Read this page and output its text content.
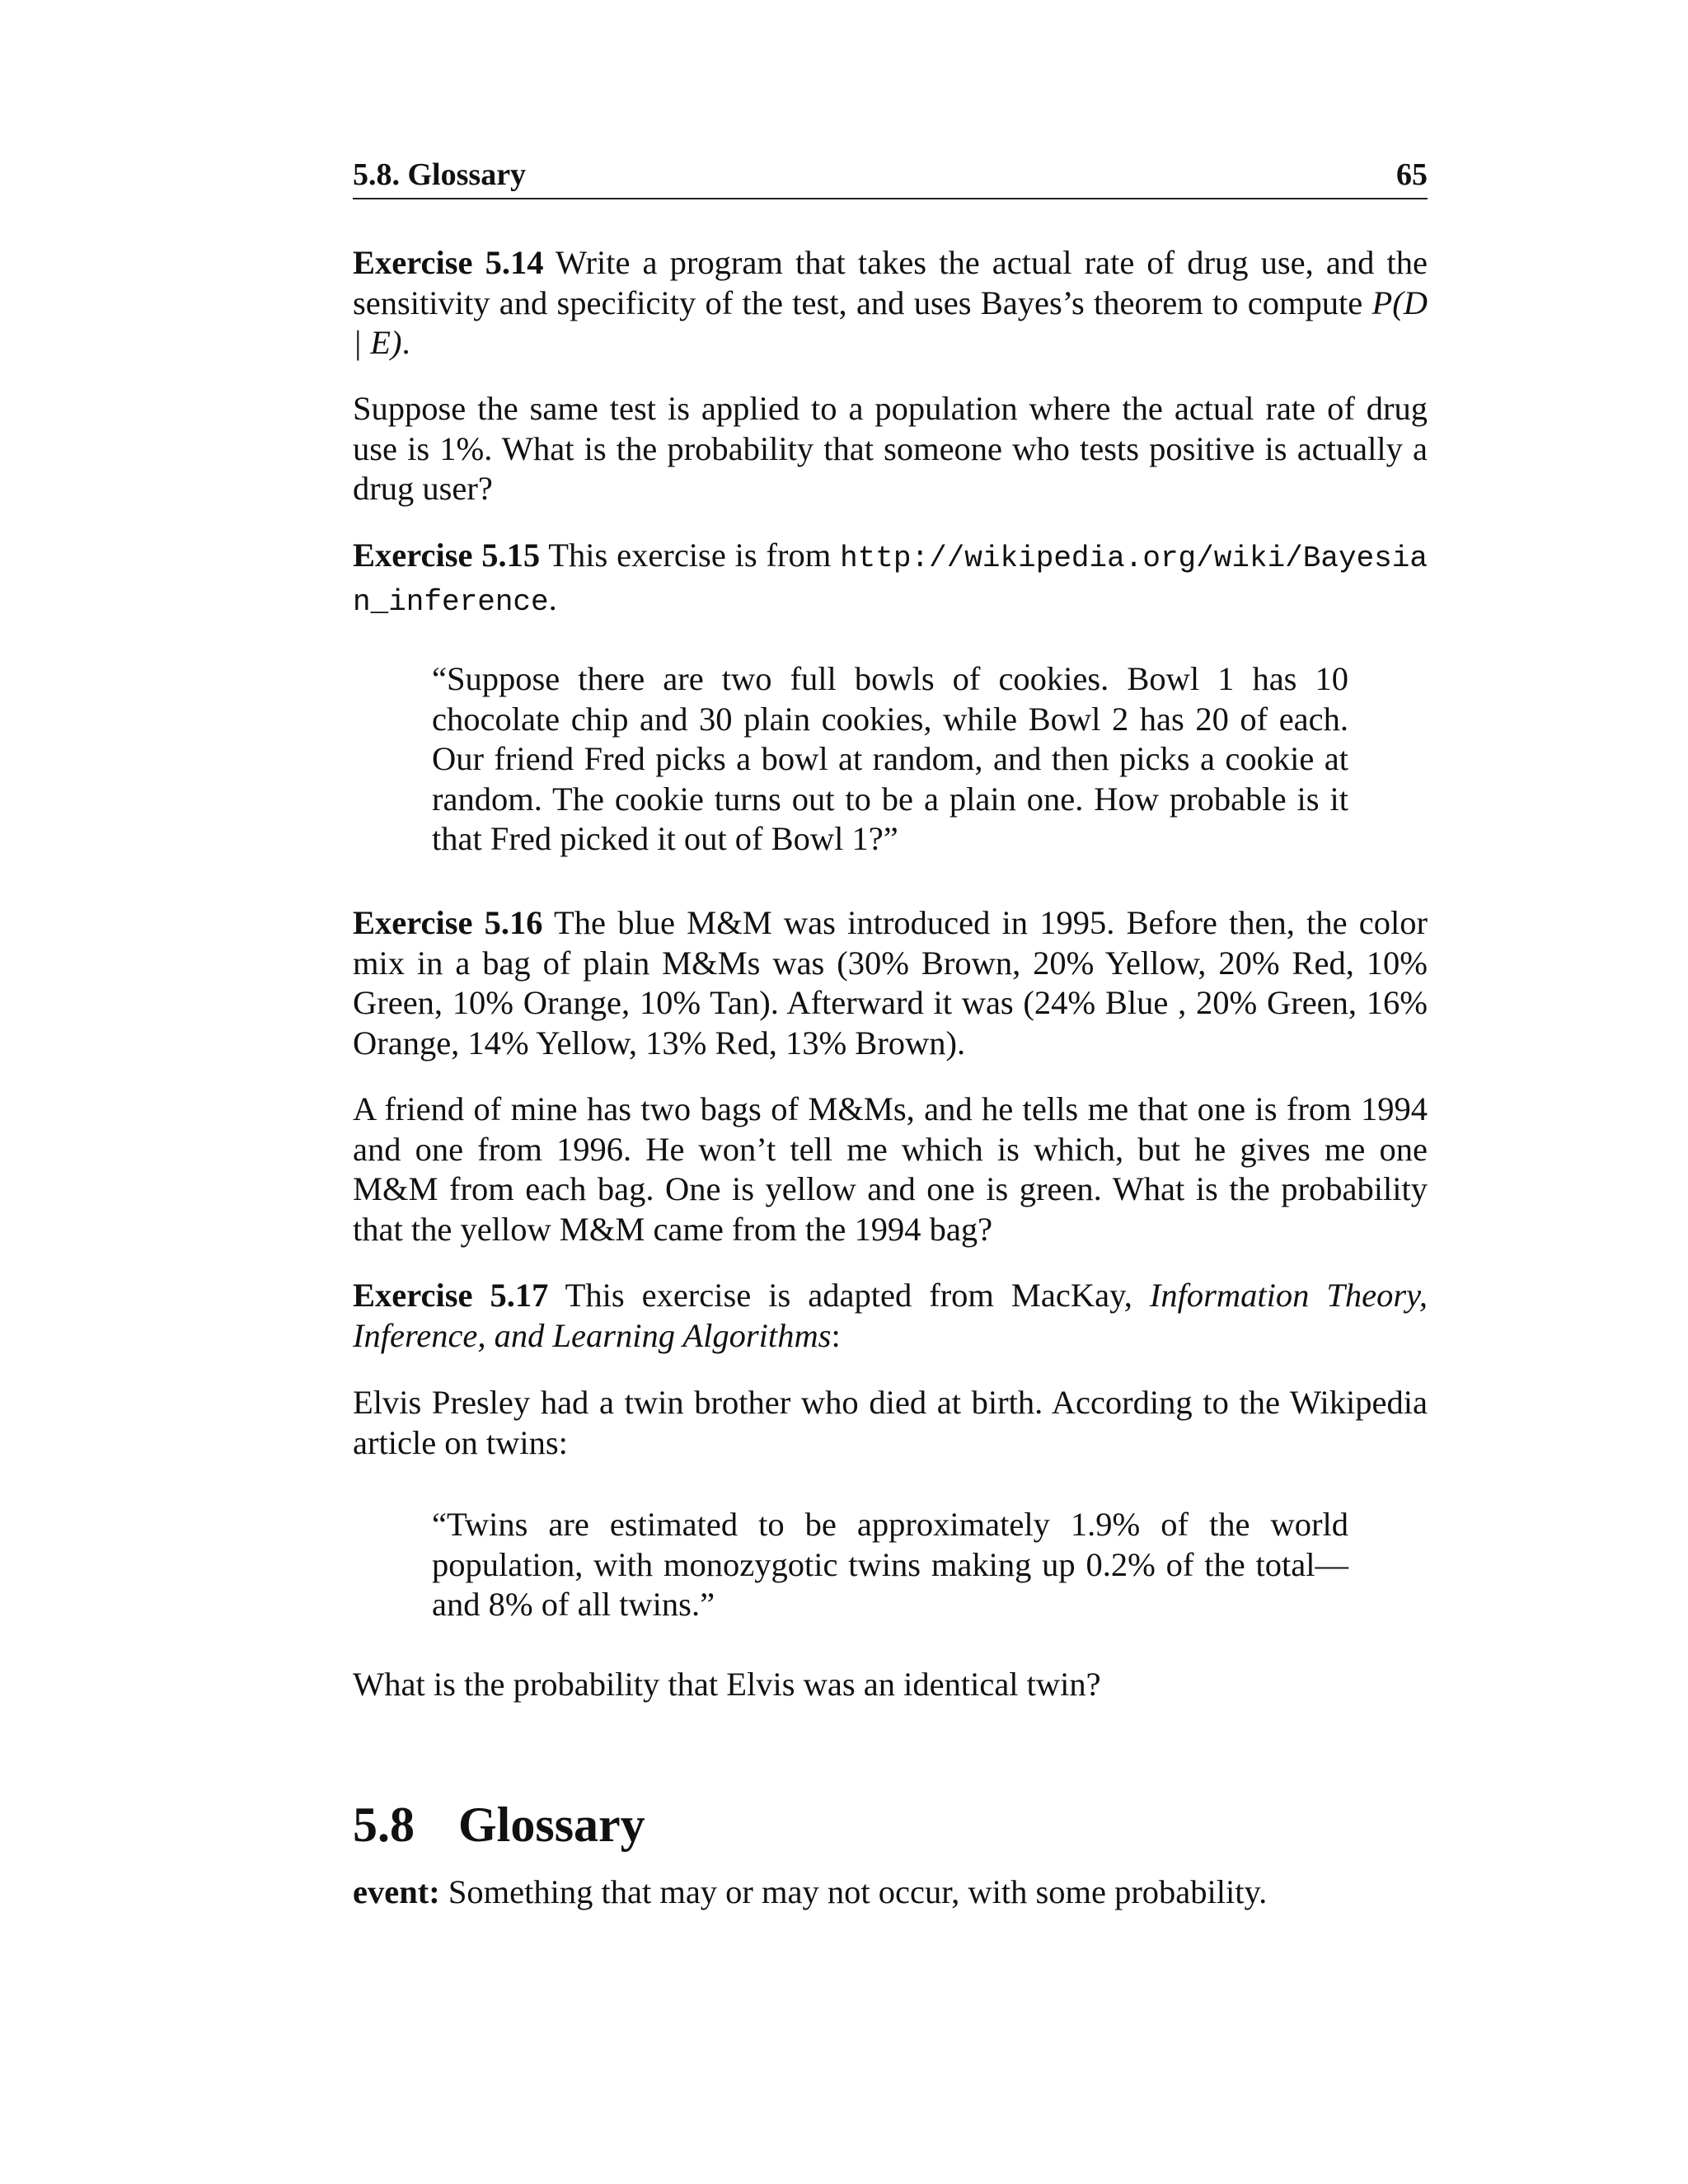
5.8. Glossary	65

Exercise 5.14 Write a program that takes the actual rate of drug use, and the sensitivity and specificity of the test, and uses Bayes’s theorem to compute P(D | E).

Suppose the same test is applied to a population where the actual rate of drug use is 1%. What is the probability that someone who tests positive is actually a drug user?

Exercise 5.15 This exercise is from http://wikipedia.org/wiki/Bayesian_inference.

“Suppose there are two full bowls of cookies. Bowl 1 has 10 chocolate chip and 30 plain cookies, while Bowl 2 has 20 of each. Our friend Fred picks a bowl at random, and then picks a cookie at random. The cookie turns out to be a plain one. How probable is it that Fred picked it out of Bowl 1?”

Exercise 5.16 The blue M&M was introduced in 1995. Before then, the color mix in a bag of plain M&Ms was (30% Brown, 20% Yellow, 20% Red, 10% Green, 10% Orange, 10% Tan). Afterward it was (24% Blue , 20% Green, 16% Orange, 14% Yellow, 13% Red, 13% Brown).

A friend of mine has two bags of M&Ms, and he tells me that one is from 1994 and one from 1996. He won’t tell me which is which, but he gives me one M&M from each bag. One is yellow and one is green. What is the probability that the yellow M&M came from the 1994 bag?

Exercise 5.17 This exercise is adapted from MacKay, Information Theory, Inference, and Learning Algorithms:

Elvis Presley had a twin brother who died at birth. According to the Wikipedia article on twins:

“Twins are estimated to be approximately 1.9% of the world population, with monozygotic twins making up 0.2% of the total—and 8% of all twins.”

What is the probability that Elvis was an identical twin?

5.8 Glossary

event: Something that may or may not occur, with some probability.
